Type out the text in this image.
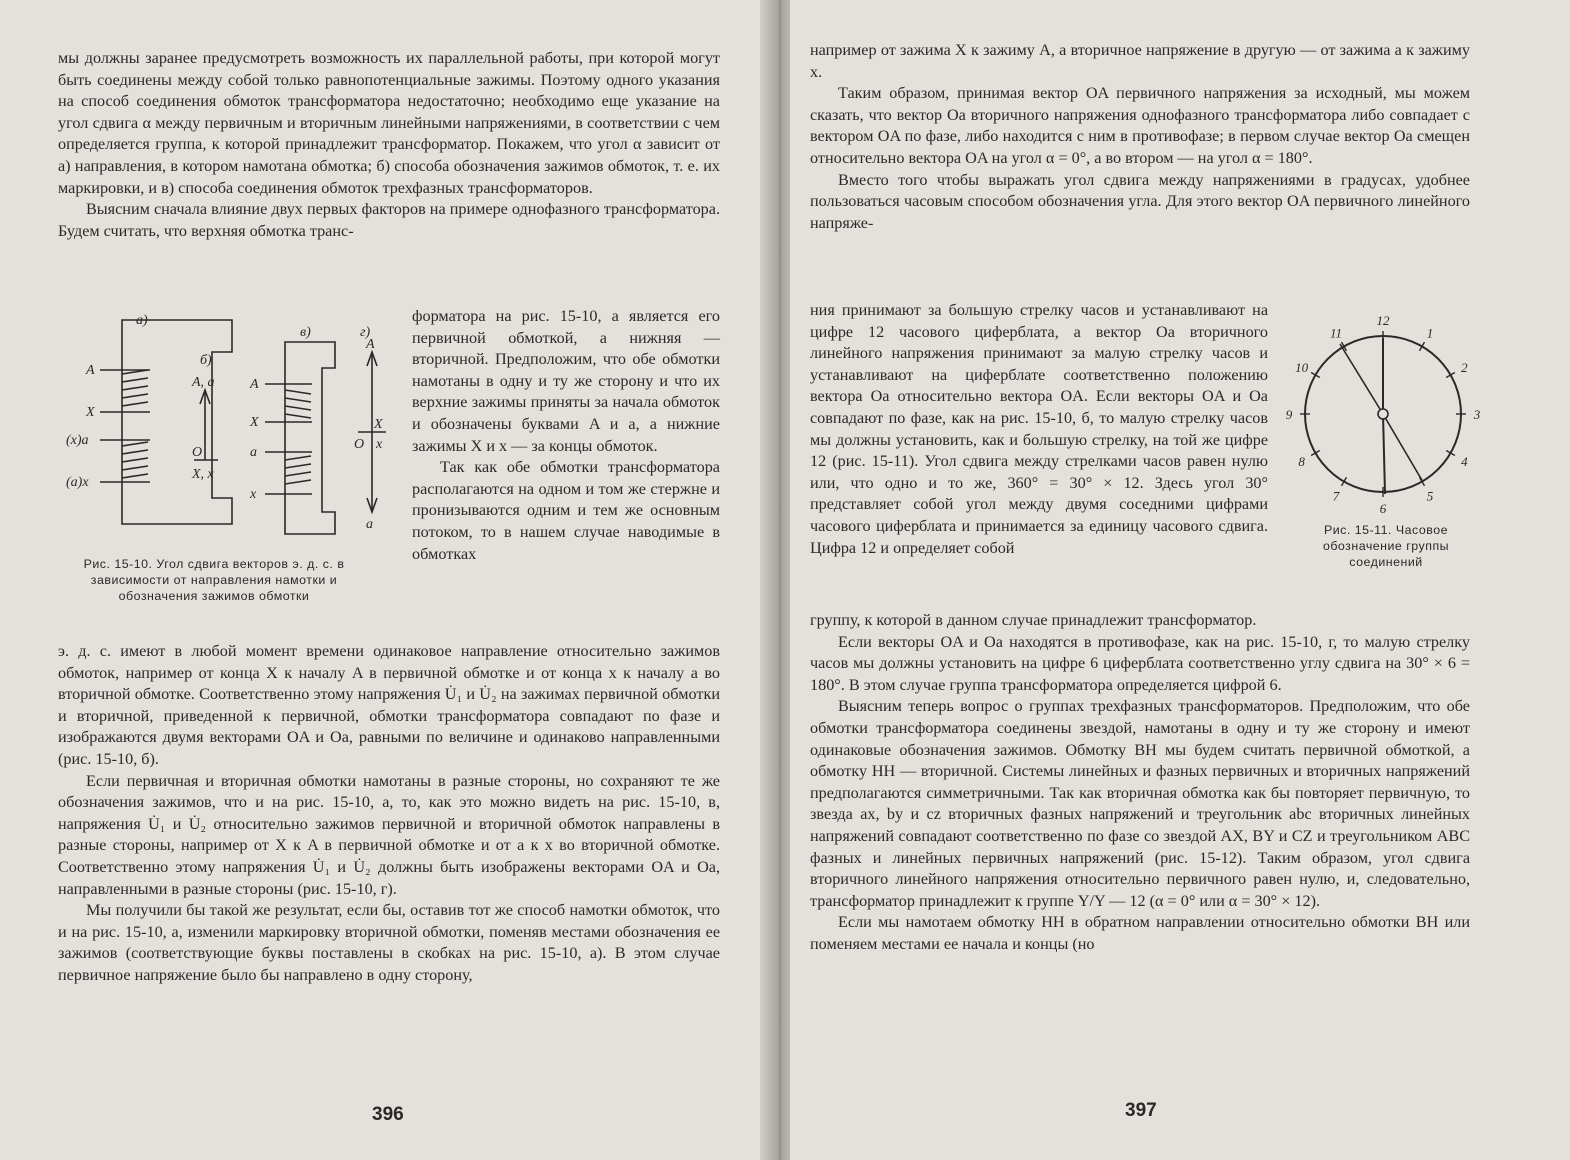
мы должны заранее предусмотреть возможность их параллельной работы, при которой могут быть соединены между собой только равнопотенциальные зажимы. Поэтому одного указания на способ соединения обмоток трансформатора недостаточно; необходимо еще указание на угол сдвига α между первичным и вторичным линейными напряжениями, в соответствии с чем определяется группа, к которой принадлежит трансформатор. Покажем, что угол α зависит от а) направления, в котором намотана обмотка; б) способа обозначения зажимов обмоток, т. е. их маркировки, и в) способа соединения обмоток трехфазных трансформаторов.

Выясним сначала влияние двух первых факторов на примере однофазного трансформатора. Будем считать, что верхняя обмотка транс-

а)
б)
в)	г)
A
X
(x)a
(a)x
A, a
O
X, x
A
X
a
x
A
X
O x
a
Рис. 15-10. Угол сдвига векторов э. д. с. в зависимости от направления намотки и обозначения зажимов обмотки

форматора на рис. 15-10, а является его первичной обмоткой, а нижняя — вторичной. Предположим, что обе обмотки намотаны в одну и ту же сторону и что их верхние зажимы приняты за начала обмоток и обозначены буквами A и a, а нижние зажимы X и x — за концы обмоток.

Так как обе обмотки трансформатора располагаются на одном и том же стержне и пронизываются одним и тем же основным потоком, то в нашем случае наводимые в обмотках

э. д. с. имеют в любой момент времени одинаковое направление относительно зажимов обмоток, например от конца X к началу A в первичной обмотке и от конца x к началу a во вторичной обмотке. Соответственно этому напряжения U̇₁ и U̇₂ на зажимах первичной обмотки и вторичной, приведенной к первичной, обмотки трансформатора совпадают по фазе и изображаются двумя векторами OA и Oa, равными по величине и одинаково направленными (рис. 15-10, б).

Если первичная и вторичная обмотки намотаны в разные стороны, но сохраняют те же обозначения зажимов, что и на рис. 15-10, а, то, как это можно видеть на рис. 15-10, в, напряжения U̇₁ и U̇₂ относительно зажимов первичной и вторичной обмоток направлены в разные стороны, например от X к A в первичной обмотке и от a к x во вторичной обмотке. Соответственно этому напряжения U̇₁ и U̇₂ должны быть изображены векторами OA и Oa, направленными в разные стороны (рис. 15-10, г).

Мы получили бы такой же результат, если бы, оставив тот же способ намотки обмоток, что и на рис. 15-10, а, изменили маркировку вторичной обмотки, поменяв местами обозначения ее зажимов (соответствующие буквы поставлены в скобках на рис. 15-10, а). В этом случае первичное напряжение было бы направлено в одну сторону,

396

например от зажима X к зажиму A, а вторичное напряжение в другую — от зажима a к зажиму x.

Таким образом, принимая вектор OA первичного напряжения за исходный, мы можем сказать, что вектор Oa вторичного напряжения однофазного трансформатора либо совпадает с вектором OA по фазе, либо находится с ним в противофазе; в первом случае вектор Oa смещен относительно вектора OA на угол α = 0°, а во втором — на угол α = 180°.

Вместо того чтобы выражать угол сдвига между напряжениями в градусах, удобнее пользоваться часовым способом обозначения угла. Для этого вектор OA первичного линейного напряже-

ния принимают за большую стрелку часов и устанавливают на цифре 12 часового циферблата, а вектор Oa вторичного линейного напряжения принимают за малую стрелку часов и устанавливают на циферблате соответственно положению вектора Oa относительно вектора OA. Если векторы OA и Oa совпадают по фазе, как на рис. 15-10, б, то малую стрелку часов мы должны установить, как и большую стрелку, на той же цифре 12 (рис. 15-11). Угол сдвига между стрелками часов равен нулю или, что одно и то же, 360° = 30° × 12. Здесь угол 30° представляет собой угол между двумя соседними цифрами часового циферблата и принимается за единицу часового сдвига. Цифра 12 и определяет собой

12
1
2
3
4
5
6
7
8
9
10
11
Рис. 15-11. Часовое обозначение группы соединений

группу, к которой в данном случае принадлежит трансформатор.

Если векторы OA и Oa находятся в противофазе, как на рис. 15-10, г, то малую стрелку часов мы должны установить на цифре 6 циферблата соответственно углу сдвига на 30° × 6 = 180°. В этом случае группа трансформатора определяется цифрой 6.

Выясним теперь вопрос о группах трехфазных трансформаторов. Предположим, что обе обмотки трансформатора соединены звездой, намотаны в одну и ту же сторону и имеют одинаковые обозначения зажимов. Обмотку ВН мы будем считать первичной обмоткой, а обмотку НН — вторичной. Системы линейных и фазных первичных и вторичных напряжений предполагаются симметричными. Так как вторичная обмотка как бы повторяет первичную, то звезда ax, by и cz вторичных фазных напряжений и треугольник abc вторичных линейных напряжений совпадают соответственно по фазе со звездой AX, BY и CZ и треугольником ABC фазных и линейных первичных напряжений (рис. 15-12). Таким образом, угол сдвига вторичного линейного напряжения относительно первичного равен нулю, и, следовательно, трансформатор принадлежит к группе Y/Y — 12 (α = 0° или α = 30° × 12).

Если мы намотаем обмотку НН в обратном направлении относительно обмотки ВН или поменяем местами ее начала и концы (но

397
